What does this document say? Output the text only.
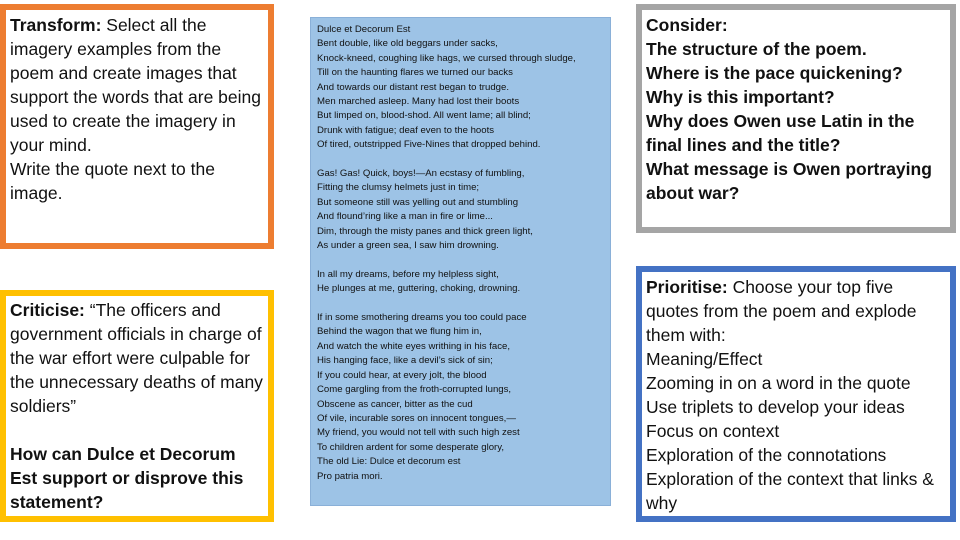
Transform: Select all the imagery examples from the poem and create images that support the words that are being used to create the imagery in your mind.

Write the quote next to the image.

Criticise: “The officers and government officials in charge of the war effort were culpable for the unnecessary deaths of many soldiers”

How can Dulce et Decorum Est support or disprove this statement?

Dulce et Decorum Est
Bent double, like old beggars under sacks,
Knock-kneed, coughing like hags, we cursed through sludge,
Till on the haunting flares we turned our backs
And towards our distant rest began to trudge.
Men marched asleep. Many had lost their boots
But limped on, blood-shod. All went lame; all blind;
Drunk with fatigue; deaf even to the hoots
Of tired, outstripped Five-Nines that dropped behind.
Gas! Gas! Quick, boys!—An ecstasy of fumbling,
Fitting the clumsy helmets just in time;
But someone still was yelling out and stumbling
And flound’ring like a man in fire or lime...
Dim, through the misty panes and thick green light,
As under a green sea, I saw him drowning.
In all my dreams, before my helpless sight,
He plunges at me, guttering, choking, drowning.
If in some smothering dreams you too could pace
Behind the wagon that we flung him in,
And watch the white eyes writhing in his face,
His hanging face, like a devil’s sick of sin;
If you could hear, at every jolt, the blood
Come gargling from the froth-corrupted lungs,
Obscene as cancer, bitter as the cud
Of vile, incurable sores on innocent tongues,—
My friend, you would not tell with such high zest
To children ardent for some desperate glory,
The old Lie: Dulce et decorum est
Pro patria mori.

Consider:

The structure of the poem.

Where is the pace quickening?

Why is this important?

Why does Owen use Latin in the final lines and the title?

What message is Owen portraying about war?

Prioritise: Choose your top five quotes from the poem and explode them with:

Meaning/Effect

Zooming in on a word in the quote

Use triplets to develop your ideas

Focus on context

Exploration of the connotations

Exploration of the context that links & why
